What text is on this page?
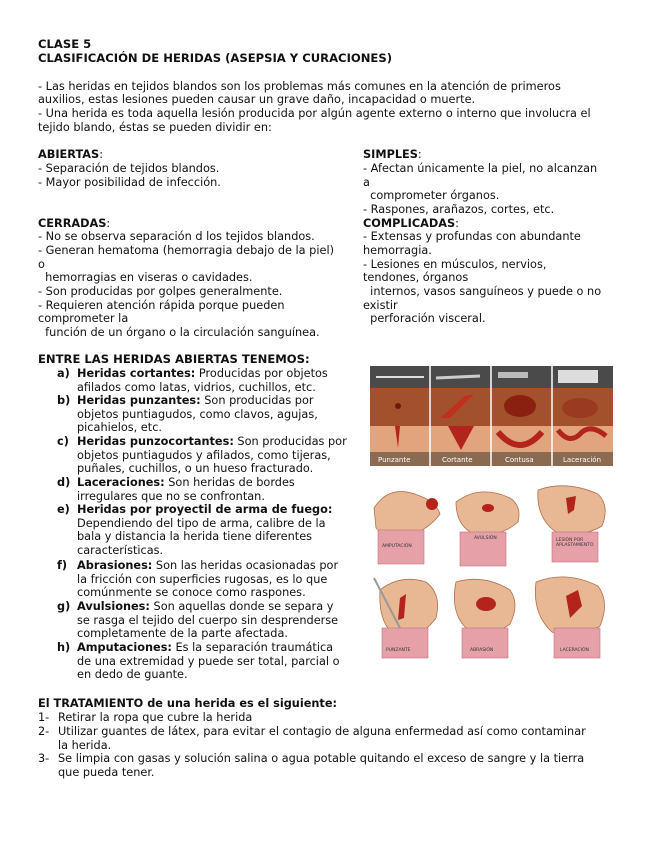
CLASE 5
CLASIFICACIÓN DE HERIDAS (ASEPSIA Y CURACIONES)
- Las heridas en tejidos blandos son los problemas más comunes en la atención de primeros
auxilios, estas lesiones pueden causar un grave daño, incapacidad o muerte.
- Una herida es toda aquella lesión producida por algún agente externo o interno que involucra el
tejido blando, éstas se pueden dividir en:
ABIERTAS:
- Separación de tejidos blandos.
- Mayor posibilidad de infección.
CERRADAS:
- No se observa separación d los tejidos blandos.
- Generan hematoma (hemorragia debajo de la piel)
o
hemorragias en viseras o cavidades.
- Son producidas por golpes generalmente.
- Requieren atención rápida porque pueden
comprometer la
función de un órgano o la circulación sanguínea.
SIMPLES:
- Afectan únicamente la piel, no alcanzan
a
comprometer órganos.
- Raspones, arañazos, cortes, etc.
COMPLICADAS:
- Extensas y profundas con abundante
hemorragia.
- Lesiones en músculos, nervios,
tendones, órganos
internos, vasos sanguíneos y puede o no
existir
perforación visceral.
ENTRE LAS HERIDAS ABIERTAS TENEMOS:
a) Heridas cortantes: Producidas por objetos
afilados como latas, vidrios, cuchillos, etc.
b) Heridas punzantes: Son producidas por
objetos puntiagudos, como clavos, agujas,
picahielos, etc.
c) Heridas punzocortantes: Son producidas por
objetos puntiagudos y afilados, como tijeras,
puñales, cuchillos, o un hueso fracturado.
d) Laceraciones: Son heridas de bordes
irregulares que no se confrontan.
e) Heridas por proyectil de arma de fuego:
Dependiendo del tipo de arma, calibre de la
bala y distancia la herida tiene diferentes
características.
f) Abrasiones: Son las heridas ocasionadas por
la fricción con superficies rugosas, es lo que
comúnmente se conoce como raspones.
g) Avulsiones: Son aquellas donde se separa y
se rasga el tejido del cuerpo sin desprenderse
completamente de la parte afectada.
h) Amputaciones: Es la separación traumática
de una extremidad y puede ser total, parcial o
en dedo de guante.
Punzante	Cortante	Contusa	Laceración
AMPUTACIÓN
AVULSIÓN	LESIÓN POR APLASTAMIENTO
PUNZANTE	ABRASIÓN	LACERACIÓN
El TRATAMIENTO de una herida es el siguiente:
1- Retirar la ropa que cubre la herida
2- Utilizar guantes de látex, para evitar el contagio de alguna enfermedad así como contaminar
la herida.
3- Se limpia con gasas y solución salina o agua potable quitando el exceso de sangre y la tierra
que pueda tener.
